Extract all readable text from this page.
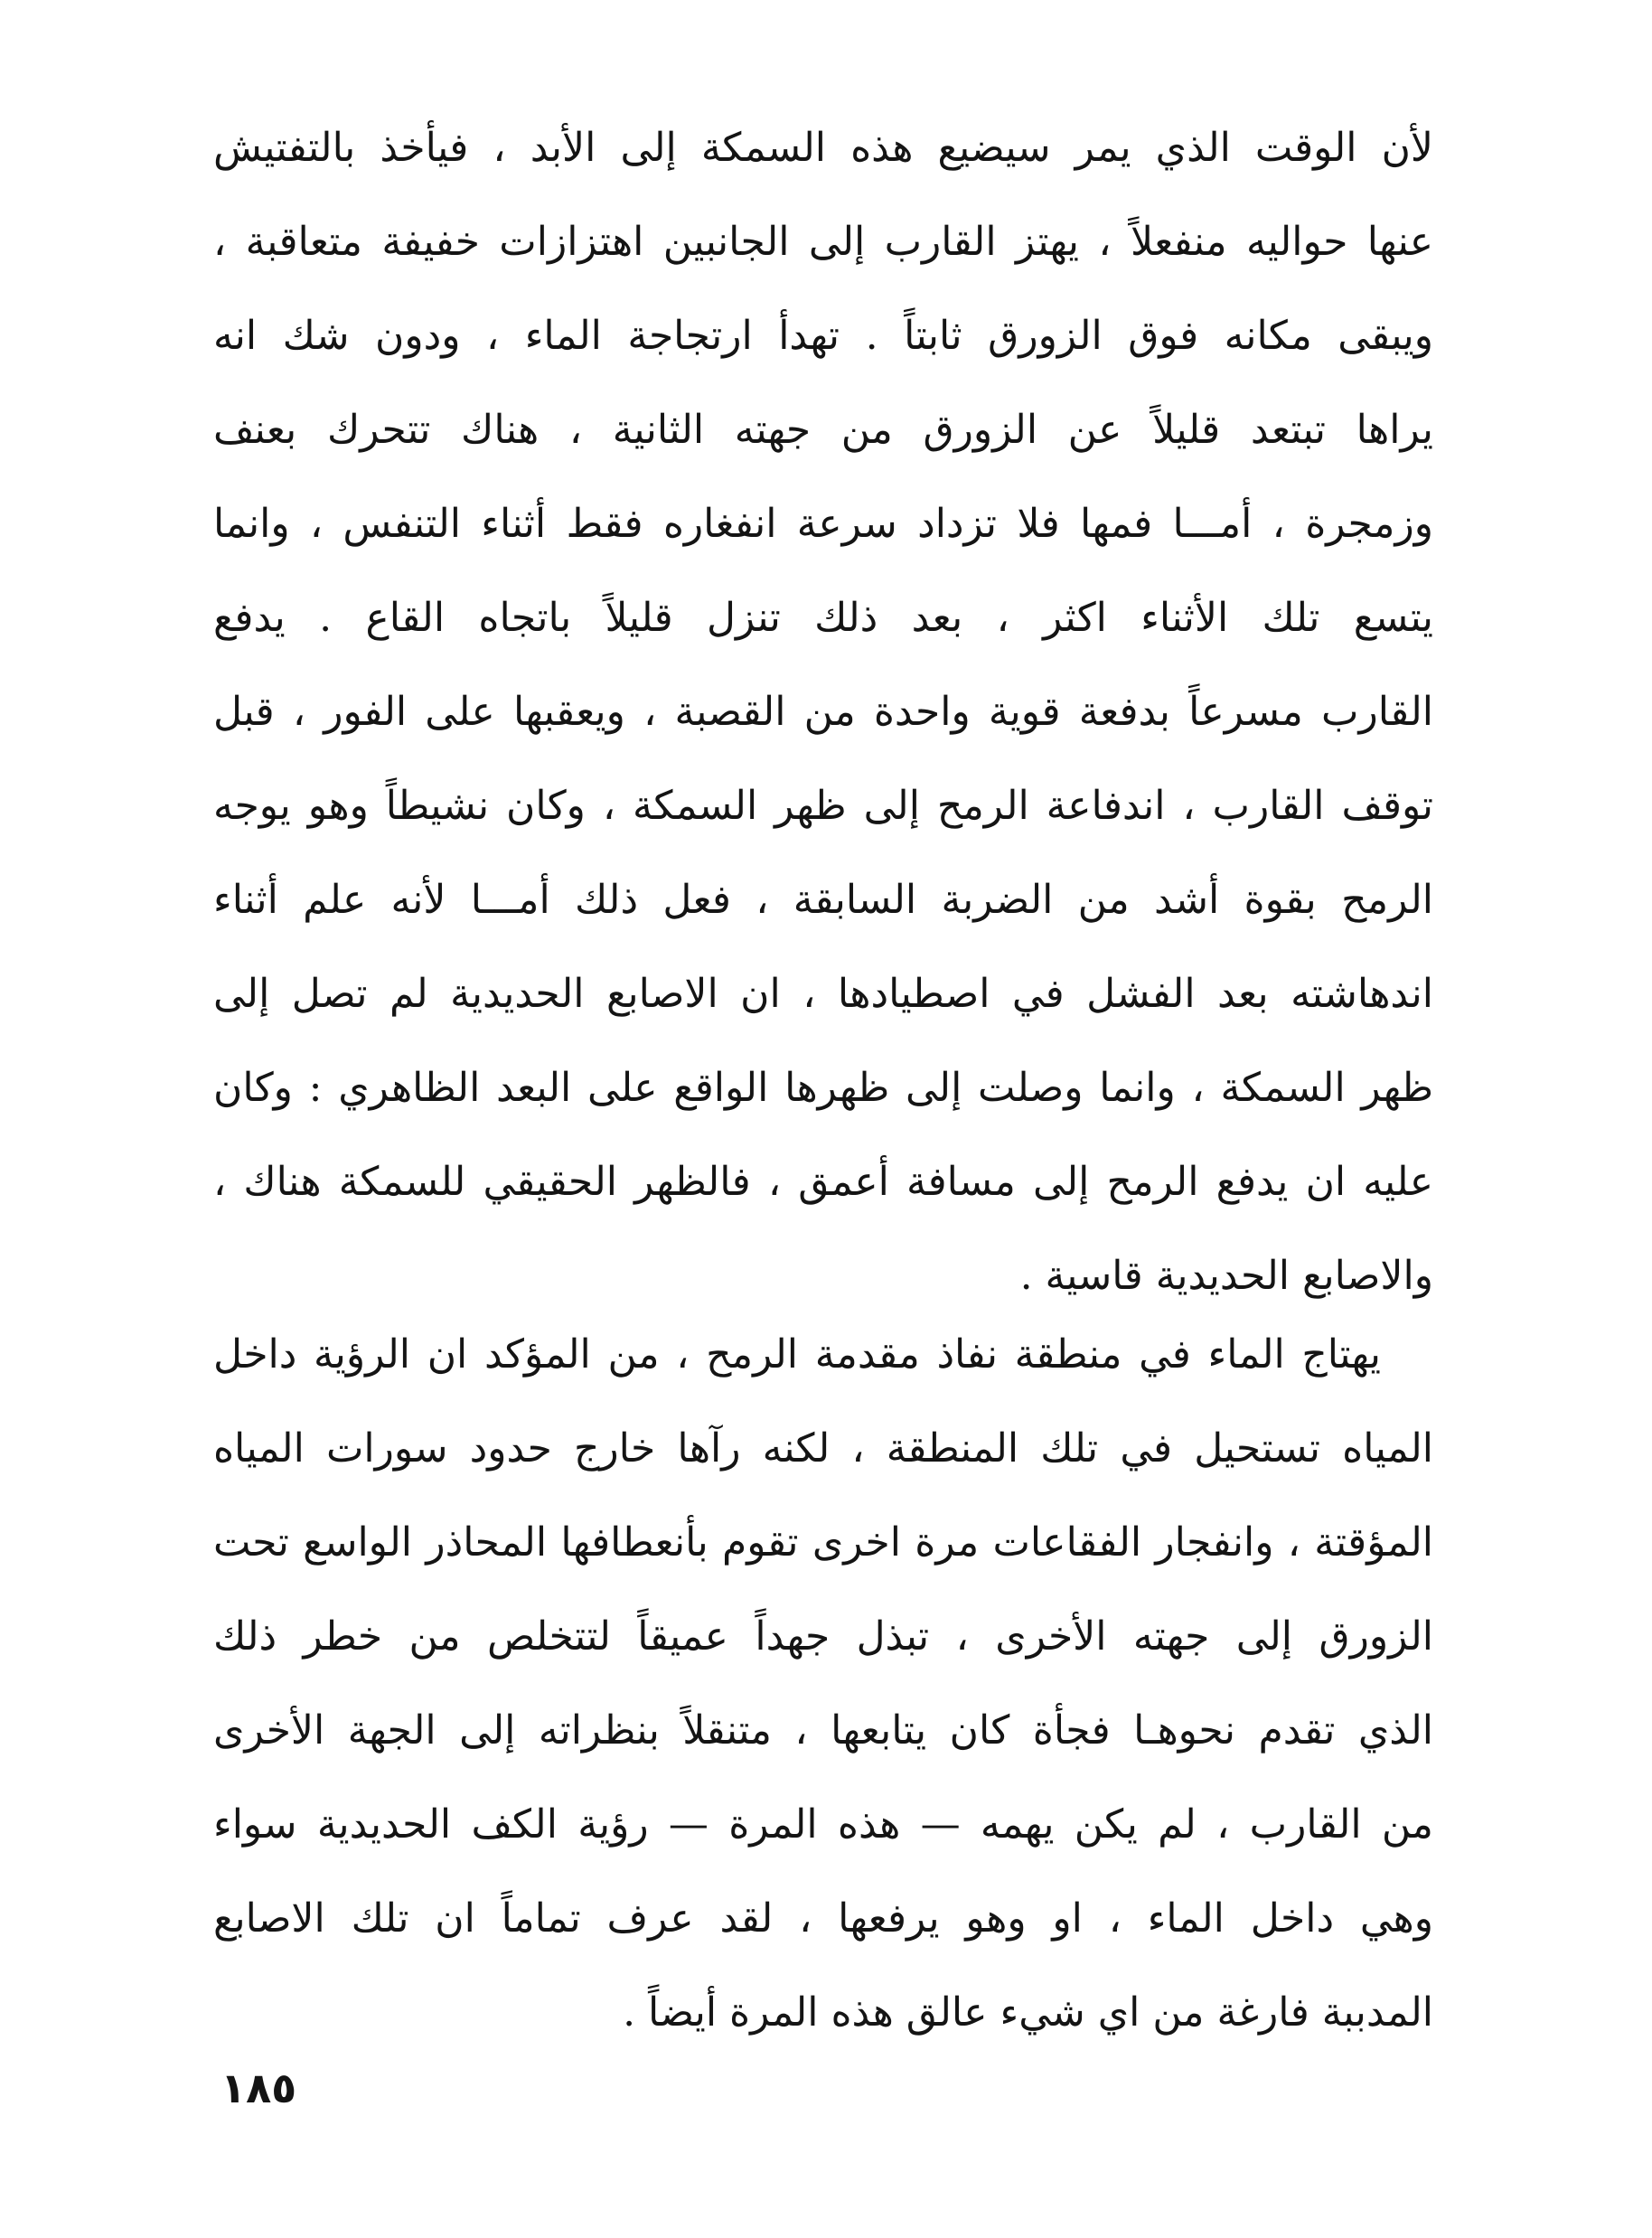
لأن الوقت الذي يمر سيضيع هذه السمكة إلى الأبد ، فيأخذ بالتفتيش
عنها حواليه منفعلاً ، يهتز القارب إلى الجانبين اهتزازات خفيفة متعاقبة ،
ويبقى مكانه فوق الزورق ثابتاً . تهدأ ارتجاجة الماء ، ودون شك انه
يراها تبتعد قليلاً عن الزورق من جهته الثانية ، هناك تتحرك بعنف
وزمجرة ، أمـــا فمها فلا تزداد سرعة انفغاره فقط أثناء التنفس ، وانما
يتسع تلك الأثناء اكثر ، بعد ذلك تنزل قليلاً باتجاه القاع . يدفع
القارب مسرعاً بدفعة قوية واحدة من القصبة ، ويعقبها على الفور ، قبل
توقف القارب ، اندفاعة الرمح إلى ظهر السمكة ، وكان نشيطاً وهو يوجه
الرمح بقوة أشد من الضربة السابقة ، فعل ذلك أمـــا لأنه علم أثناء
اندهاشته بعد الفشل في اصطيادها ، ان الاصابع الحديدية لم تصل إلى
ظهر السمكة ، وانما وصلت إلى ظهرها الواقع على البعد الظاهري : وكان
عليه ان يدفع الرمح إلى مسافة أعمق ، فالظهر الحقيقي للسمكة هناك ،
والاصابع الحديدية قاسية .
يهتاج الماء في منطقة نفاذ مقدمة الرمح ، من المؤكد ان الرؤية داخل
المياه تستحيل في تلك المنطقة ، لكنه رآها خارج حدود سورات المياه
المؤقتة ، وانفجار الفقاعات مرة اخرى تقوم بأنعطافها المحاذر الواسع تحت
الزورق إلى جهته الأخرى ، تبذل جهداً عميقاً لتتخلص من خطر ذلك
الذي تقدم نحوهـا فجأة كان يتابعها ، متنقلاً بنظراته إلى الجهة الأخرى
من القارب ، لم يكن يهمه — هذه المرة — رؤية الكف الحديدية سواء
وهي داخل الماء ، او وهو يرفعها ، لقد عرف تماماً ان تلك الاصابع
المدببة فارغة من اي شيء عالق هذه المرة أيضاً .
١٨٥
